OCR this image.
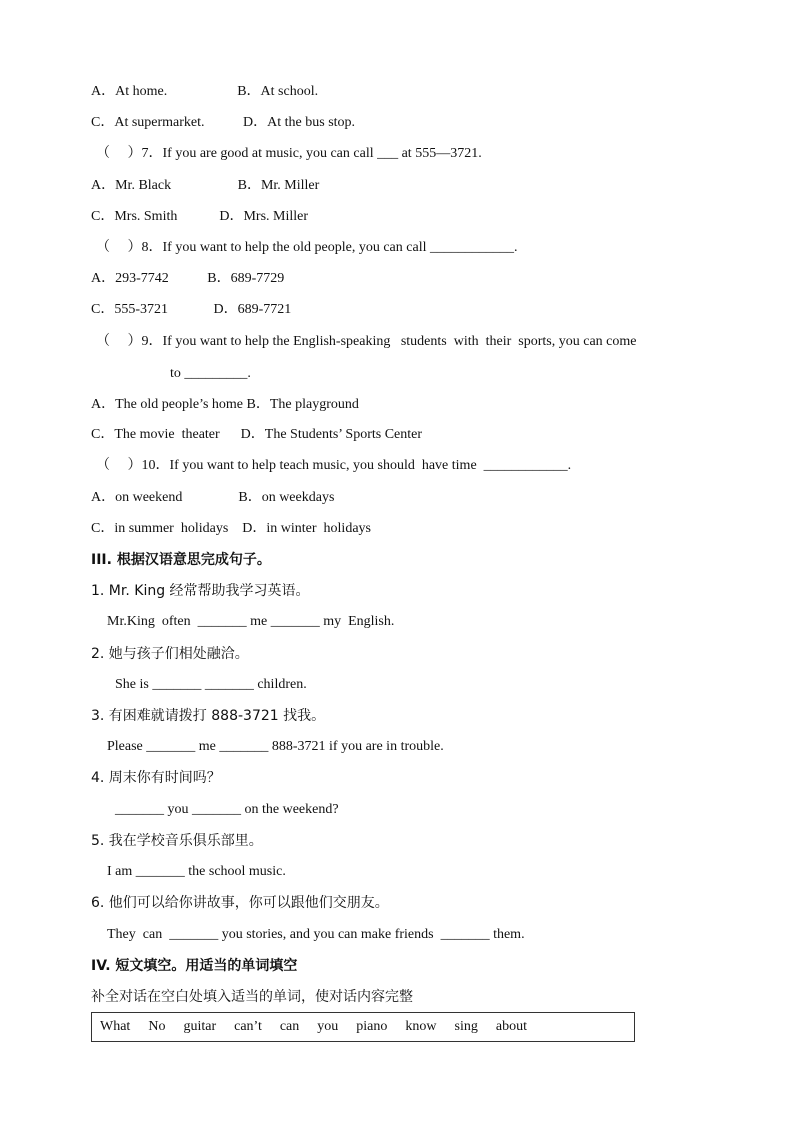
A．At home.                    B．At school.
C．At supermarket.           D．At the bus stop.
（     ）7．If you are good at music, you can call ___ at 555—3721.
A．Mr. Black                   B．Mr. Miller
C．Mrs. Smith            D．Mrs. Miller
（     ）8．If you want to help the old people, you can call ____________.
A．293-7742           B．689-7729
C．555-3721             D．689-7721
（     ）9．If you want to help the English-speaking   students  with  their  sports, you can come
to _________.
A．The old people’s home B．The playground
C．The movie  theater      D．The Students’ Sports Center
（     ）10．If you want to help teach music, you should  have time  ____________.
A．on weekend                B．on weekdays
C．in summer  holidays    D．in winter  holidays
III. 根据汉语意思完成句子。
1. Mr. King 经常帮助我学习英语。
Mr.King  often  _______ me _______ my  English.
2. 她与孩子们相处融洽。
She is _______ _______ children.
3. 有困难就请拨打 888-3721 找我。
Please _______ me _______ 888-3721 if you are in trouble.
4. 周末你有时间吗？
_______ you _______ on the weekend?
5. 我在学校音乐俱乐部里。
I am _______ the school music.
6. 他们可以给你讲故事，你可以跟他们交朋友。
They  can  _______ you stories, and you can make friends  _______ them.
IV. 短文填空。用适当的单词填空
补全对话在空白处填入适当的单词，使对话内容完整
What No guitar can’t can you piano know sing about
